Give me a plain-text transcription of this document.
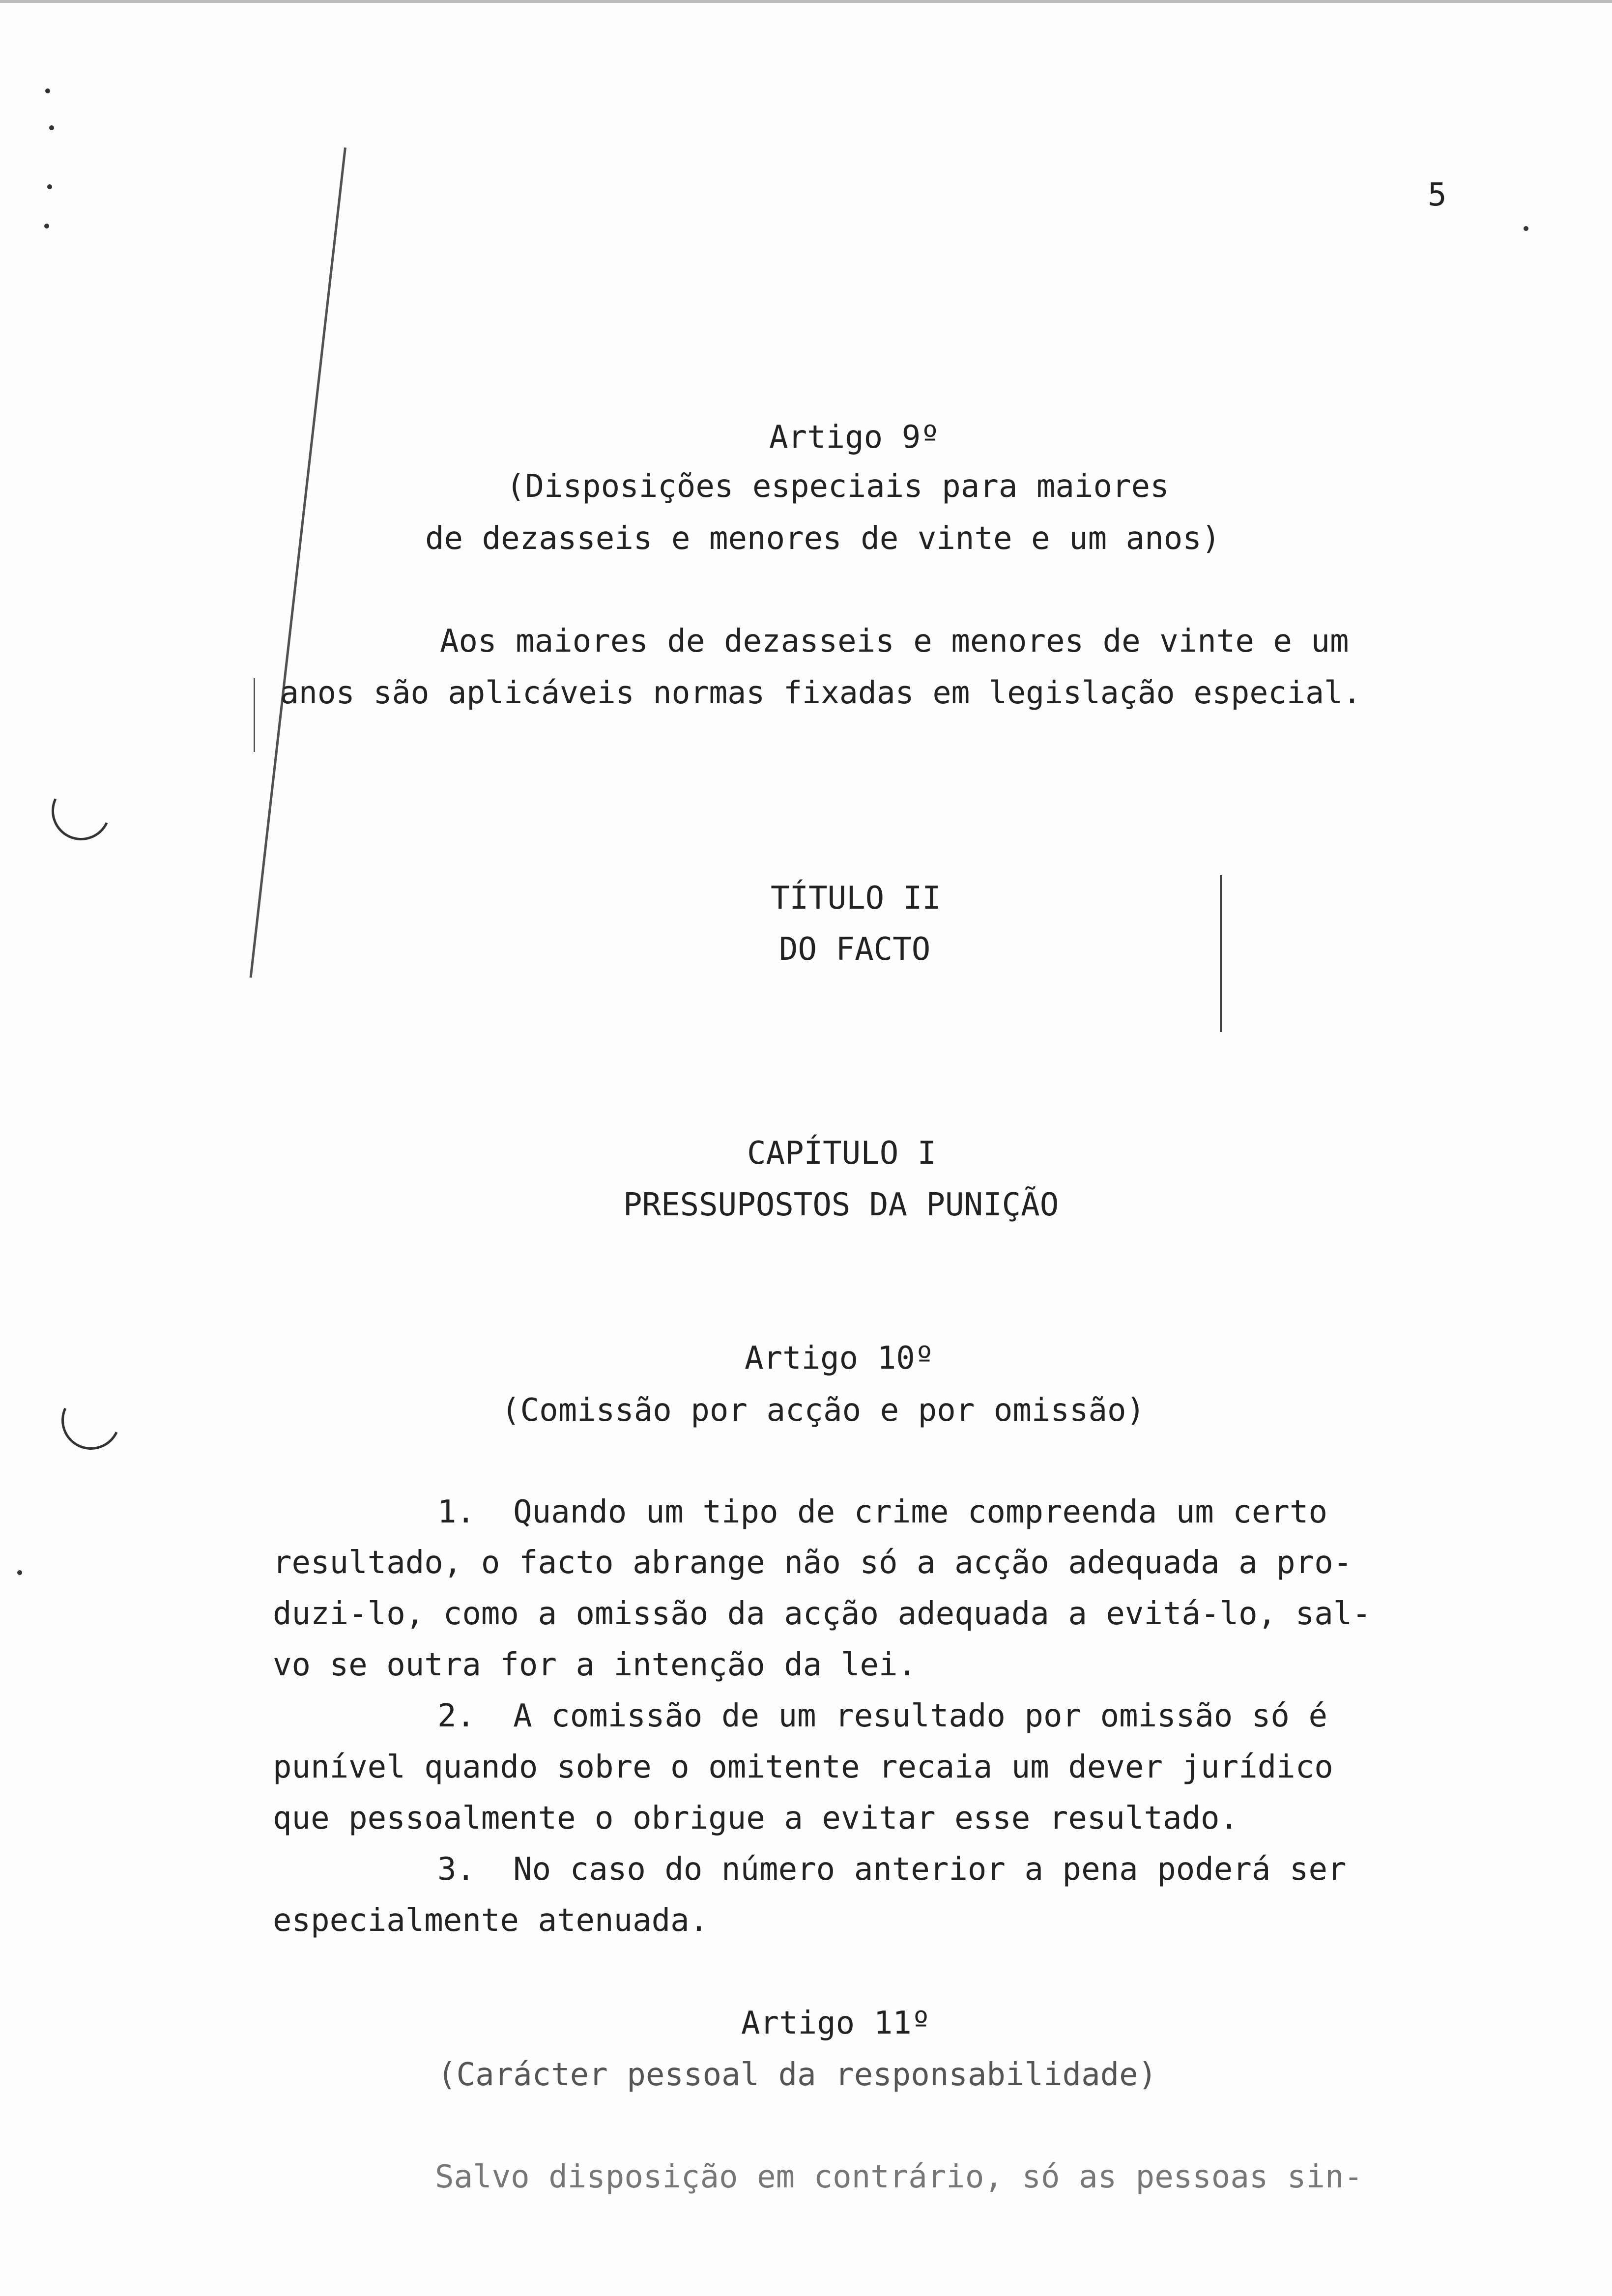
5
Artigo 9º
(Disposições especiais para maiores
de dezasseis e menores de vinte e um anos)
Aos maiores de dezasseis e menores de vinte e um
anos são aplicáveis normas fixadas em legislação especial.
TÍTULO II
DO FACTO
CAPÍTULO I
PRESSUPOSTOS DA PUNIÇÃO
Artigo 10º
(Comissão por acção e por omissão)
1.  Quando um tipo de crime compreenda um certo
resultado, o facto abrange não só a acção adequada a pro-
duzi-lo, como a omissão da acção adequada a evitá-lo, sal-
vo se outra for a intenção da lei.
2.  A comissão de um resultado por omissão só é
punível quando sobre o omitente recaia um dever jurídico
que pessoalmente o obrigue a evitar esse resultado.
3.  No caso do número anterior a pena poderá ser
especialmente atenuada.
Artigo 11º
(Carácter pessoal da responsabilidade)
Salvo disposição em contrário, só as pessoas sin-
